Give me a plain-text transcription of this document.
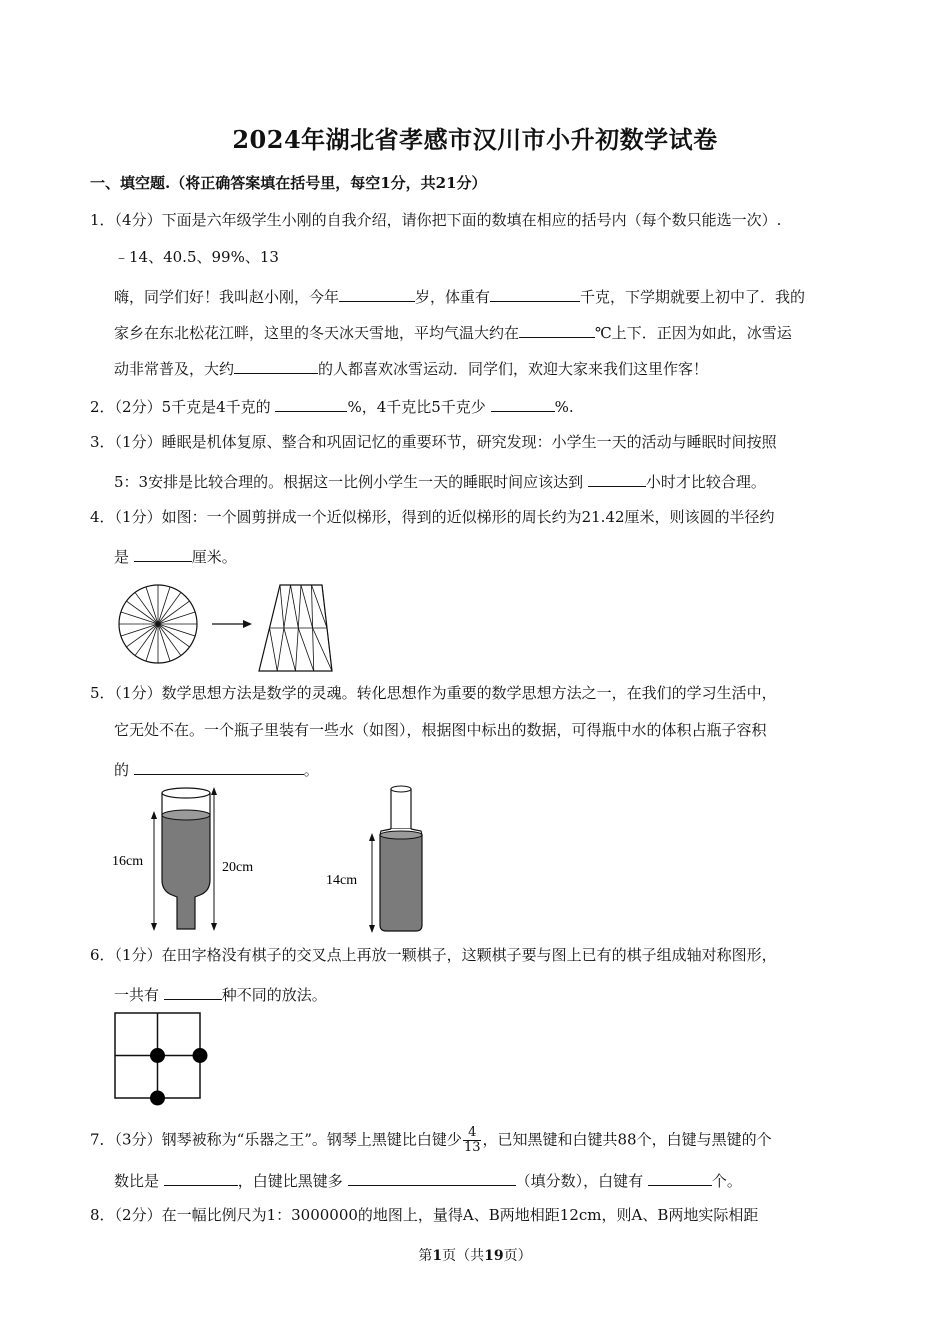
2024年湖北省孝感市汉川市小升初数学试卷
一、填空题.（将正确答案填在括号里，每空1分，共21分）
1．（4分）下面是六年级学生小刚的自我介绍，请你把下面的数填在相应的括号内（每个数只能选一次）.
﹣14、40.5、99%、13
嗨，同学们好！我叫赵小刚，今年	岁，体重有	千克，下学期就要上初中了．我的
家乡在东北松花江畔，这里的冬天冰天雪地，平均气温大约在	℃上下．正因为如此，冰雪运
动非常普及，大约	的人都喜欢冰雪运动．同学们，欢迎大家来我们这里作客！
2．（2分）5千克是4千克的	%，4千克比5千克少	%.
3．（1分）睡眠是机体复原、整合和巩固记忆的重要环节，研究发现：小学生一天的活动与睡眠时间按照
5：3安排是比较合理的。根据这一比例小学生一天的睡眠时间应该达到	小时才比较合理。
4．（1分）如图：一个圆剪拼成一个近似梯形，得到的近似梯形的周长约为21.42厘米，则该圆的半径约
是	厘米。
5．（1分）数学思想方法是数学的灵魂。转化思想作为重要的数学思想方法之一，在我们的学习生活中，
它无处不在。一个瓶子里装有一些水（如图），根据图中标出的数据，可得瓶中水的体积占瓶子容积
的	。
16cm	20cm
14cm
6．（1分）在田字格没有棋子的交叉点上再放一颗棋子，这颗棋子要与图上已有的棋子组成轴对称图形，
一共有	种不同的放法。
7．（3分）钢琴被称为“乐器之王”。钢琴上黑键比白键少 $\frac{4}{13}$ ，已知黑键和白键共88个，白键与黑键的个
数比是	，白键比黑键多	（填分数），白键有	个。
8．（2分）在一幅比例尺为1：3000000的地图上，量得A、B两地相距12cm，则A、B两地实际相距
第1页（共19页）
